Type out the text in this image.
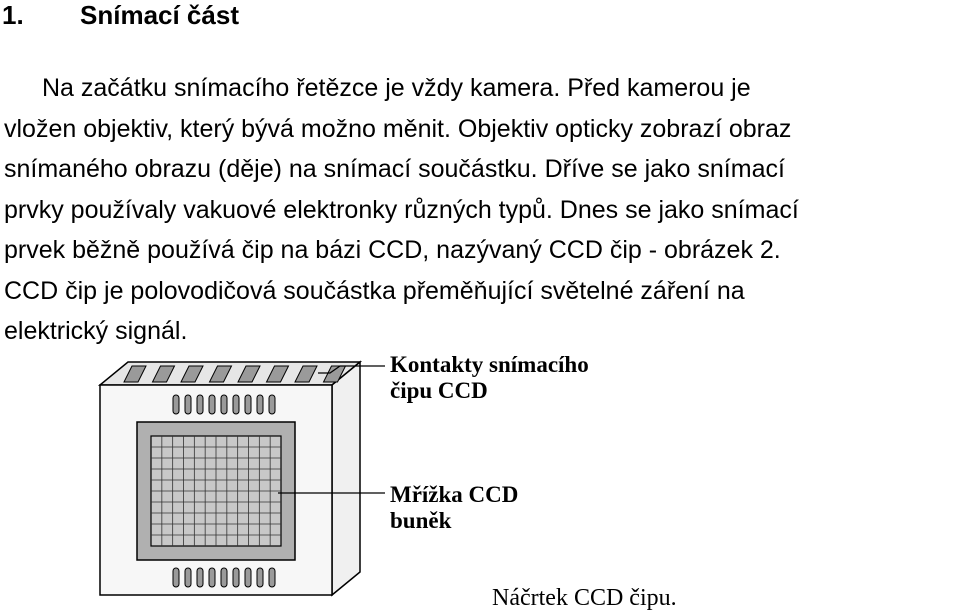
1. Snímací část
Na začátku snímacího řetězce je vždy kamera. Před kamerou je
vložen objektiv, který bývá možno měnit. Objektiv opticky zobrazí obraz
snímaného obrazu (děje) na snímací součástku. Dříve se jako snímací
prvky používaly vakuové elektronky různých typů. Dnes se jako snímací
prvek běžně používá čip na bázi CCD, nazývaný CCD čip - obrázek 2.
CCD čip je polovodičová součástka přeměňující světelné záření na
elektrický signál.
Kontakty snímacího
čipu CCD
Mřížka CCD
buněk
Náčrtek CCD čipu.
